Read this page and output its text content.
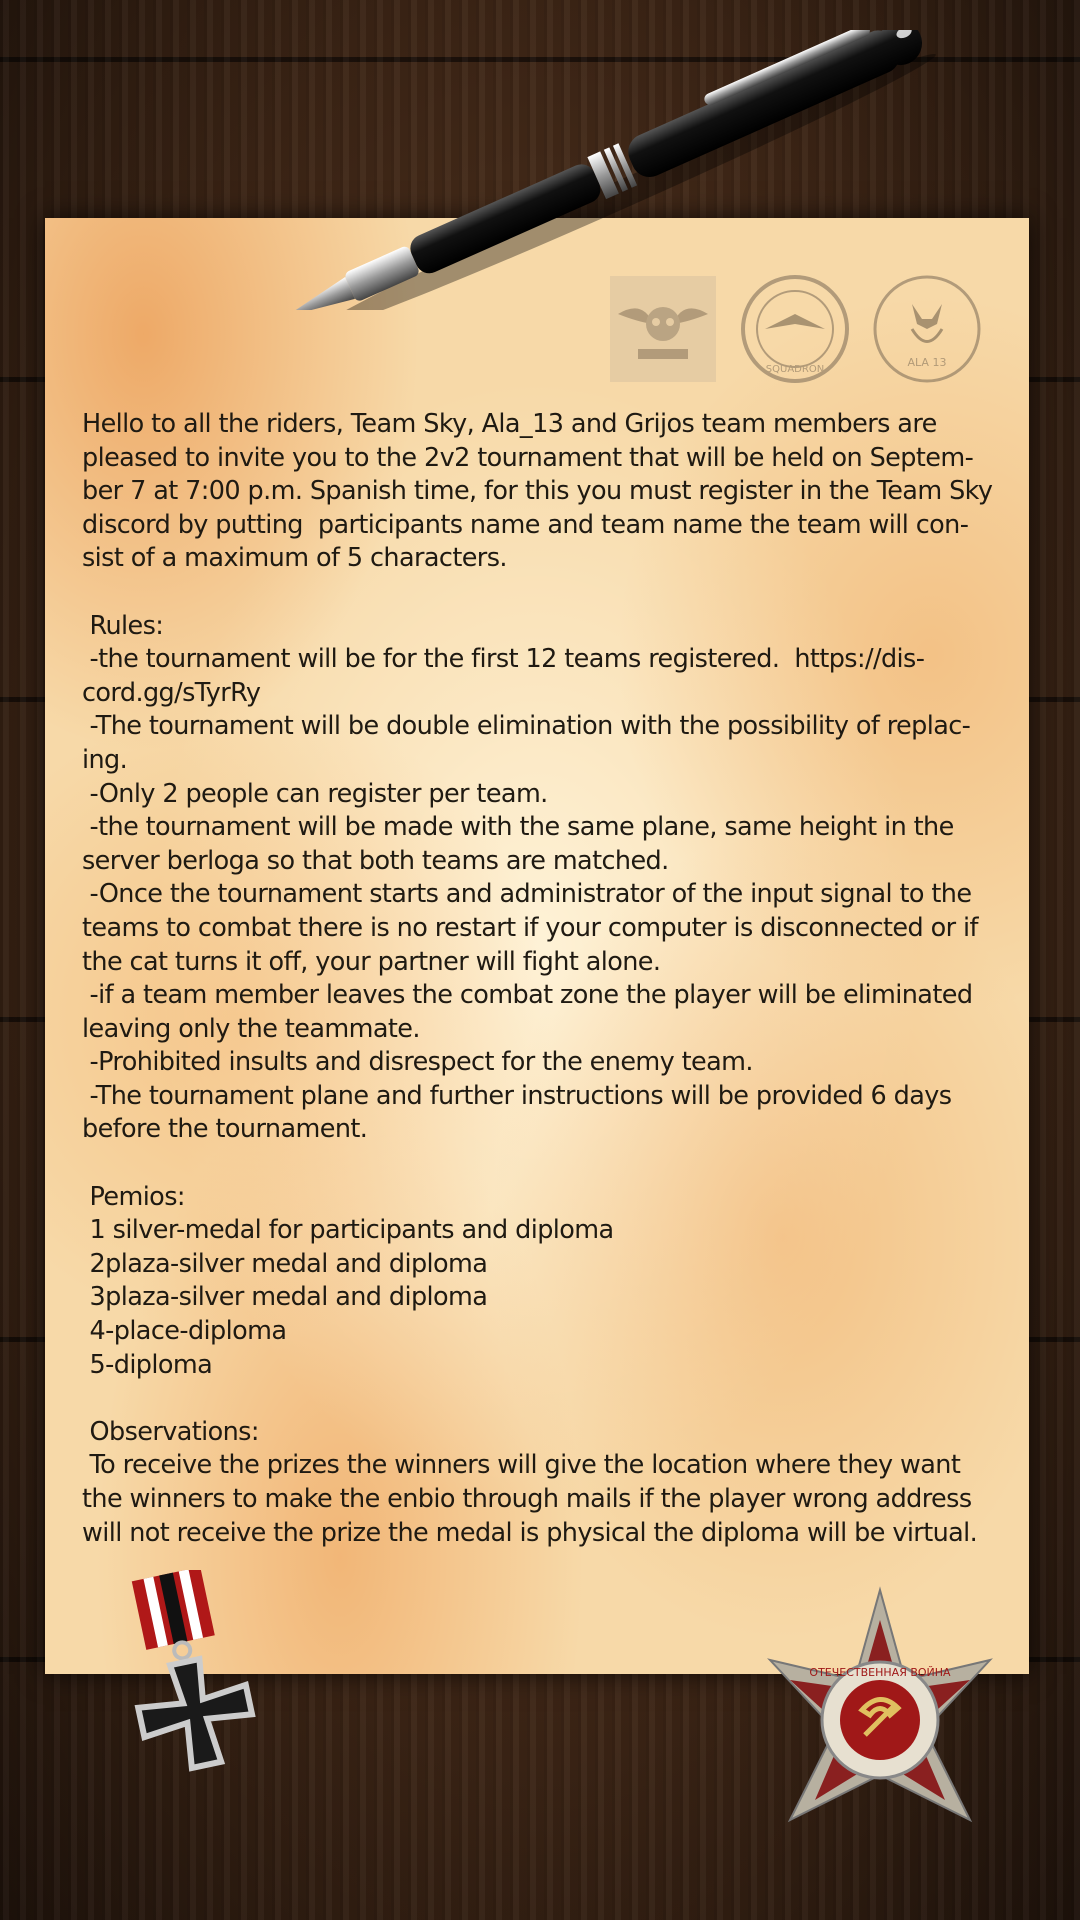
SQUADRON
ALA 13
Hello to all the riders, Team Sky, Ala_13 and Grijos team members are
pleased to invite you to the 2v2 tournament that will be held on Septem-
ber 7 at 7:00 p.m. Spanish time, for this you must register in the Team Sky
discord by putting  participants name and team name the team will con-
sist of a maximum of 5 characters.
Rules:
-the tournament will be for the first 12 teams registered.  https://dis-
cord.gg/sTyrRy
-The tournament will be double elimination with the possibility of replac-
ing.
-Only 2 people can register per team.
-the tournament will be made with the same plane, same height in the
server berloga so that both teams are matched.
-Once the tournament starts and administrator of the input signal to the
teams to combat there is no restart if your computer is disconnected or if
the cat turns it off, your partner will fight alone.
-if a team member leaves the combat zone the player will be eliminated
leaving only the teammate.
-Prohibited insults and disrespect for the enemy team.
-The tournament plane and further instructions will be provided 6 days
before the tournament.
Pemios:
1 silver-medal for participants and diploma
2plaza-silver medal and diploma
3plaza-silver medal and diploma
4-place-diploma
5-diploma
Observations:
To receive the prizes the winners will give the location where they want
the winners to make the enbio through mails if the player wrong address
will not receive the prize the medal is physical the diploma will be virtual.
ОТЕЧЕСТВЕННАЯ ВОЙНА
